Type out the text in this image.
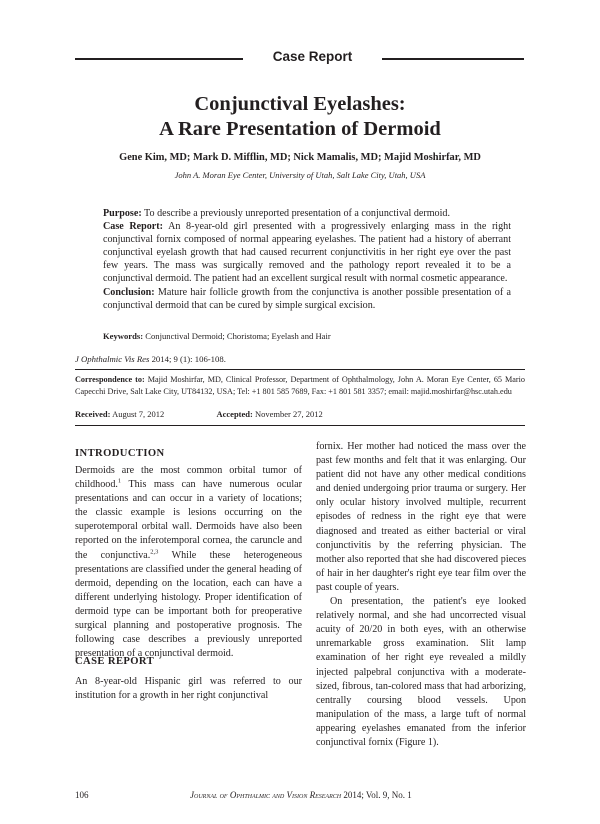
Case Report
Conjunctival Eyelashes:
A Rare Presentation of Dermoid
Gene Kim, MD; Mark D. Mifflin, MD; Nick Mamalis, MD; Majid Moshirfar, MD
John A. Moran Eye Center, University of Utah, Salt Lake City, Utah, USA

Purpose: To describe a previously unreported presentation of a conjunctival dermoid.

Case Report: An 8-year-old girl presented with a progressively enlarging mass in the right conjunctival fornix composed of normal appearing eyelashes. The patient had a history of aberrant conjunctival eyelash growth that had caused recurrent conjunctivitis in her right eye over the past few years. The mass was surgically removed and the pathology report revealed it to be a conjunctival dermoid. The patient had an excellent surgical result with normal cosmetic appearance.

Conclusion: Mature hair follicle growth from the conjunctiva is another possible presentation of a conjunctival dermoid that can be cured by simple surgical excision.

Keywords: Conjunctival Dermoid; Choristoma; Eyelash and Hair
J Ophthalmic Vis Res 2014; 9 (1): 106-108.
Correspondence to: Majid Moshirfar, MD, Clinical Professor, Department of Ophthalmology, John A. Moran Eye Center, 65 Mario Capecchi Drive, Salt Lake City, UT84132, USA; Tel: +1 801 585 7689, Fax: +1 801 581 3357; email: majid.moshirfar@hsc.utah.edu
Received: August 7, 2012	Accepted: November 27, 2012
INTRODUCTION

Dermoids are the most common orbital tumor of childhood.$^1$ This mass can have numerous ocular presentations and can occur in a variety of locations; the classic example is lesions occurring on the superotemporal orbital wall. Dermoids have also been reported on the inferotemporal cornea, the caruncle and the conjunctiva.$^{2,3}$ While these heterogeneous presentations are classified under the general heading of dermoid, depending on the location, each can have a different underlying histology. Proper identification of dermoid type can be important both for preoperative surgical planning and postoperative prognosis. The following case describes a previously unreported presentation of a conjunctival dermoid.

CASE REPORT

An 8-year-old Hispanic girl was referred to our institution for a growth in her right conjunctival

fornix. Her mother had noticed the mass over the past few months and felt that it was enlarging. Our patient did not have any other medical conditions and denied undergoing prior trauma or surgery. Her only ocular history involved multiple, recurrent episodes of redness in the right eye that were diagnosed and treated as either bacterial or viral conjunctivitis by the referring physician. The mother also reported that she had discovered pieces of hair in her daughter's right eye tear film over the past couple of years.

On presentation, the patient's eye looked relatively normal, and she had uncorrected visual acuity of 20/20 in both eyes, with an otherwise unremarkable gross examination. Slit lamp examination of her right eye revealed a mildly injected palpebral conjunctiva with a moderate-sized, fibrous, tan-colored mass that had arborizing, centrally coursing blood vessels. Upon manipulation of the mass, a large tuft of normal appearing eyelashes emanated from the inferior conjunctival fornix (Figure 1).

106	Journal of Ophthalmic and Vision Research 2014; Vol. 9, No. 1
